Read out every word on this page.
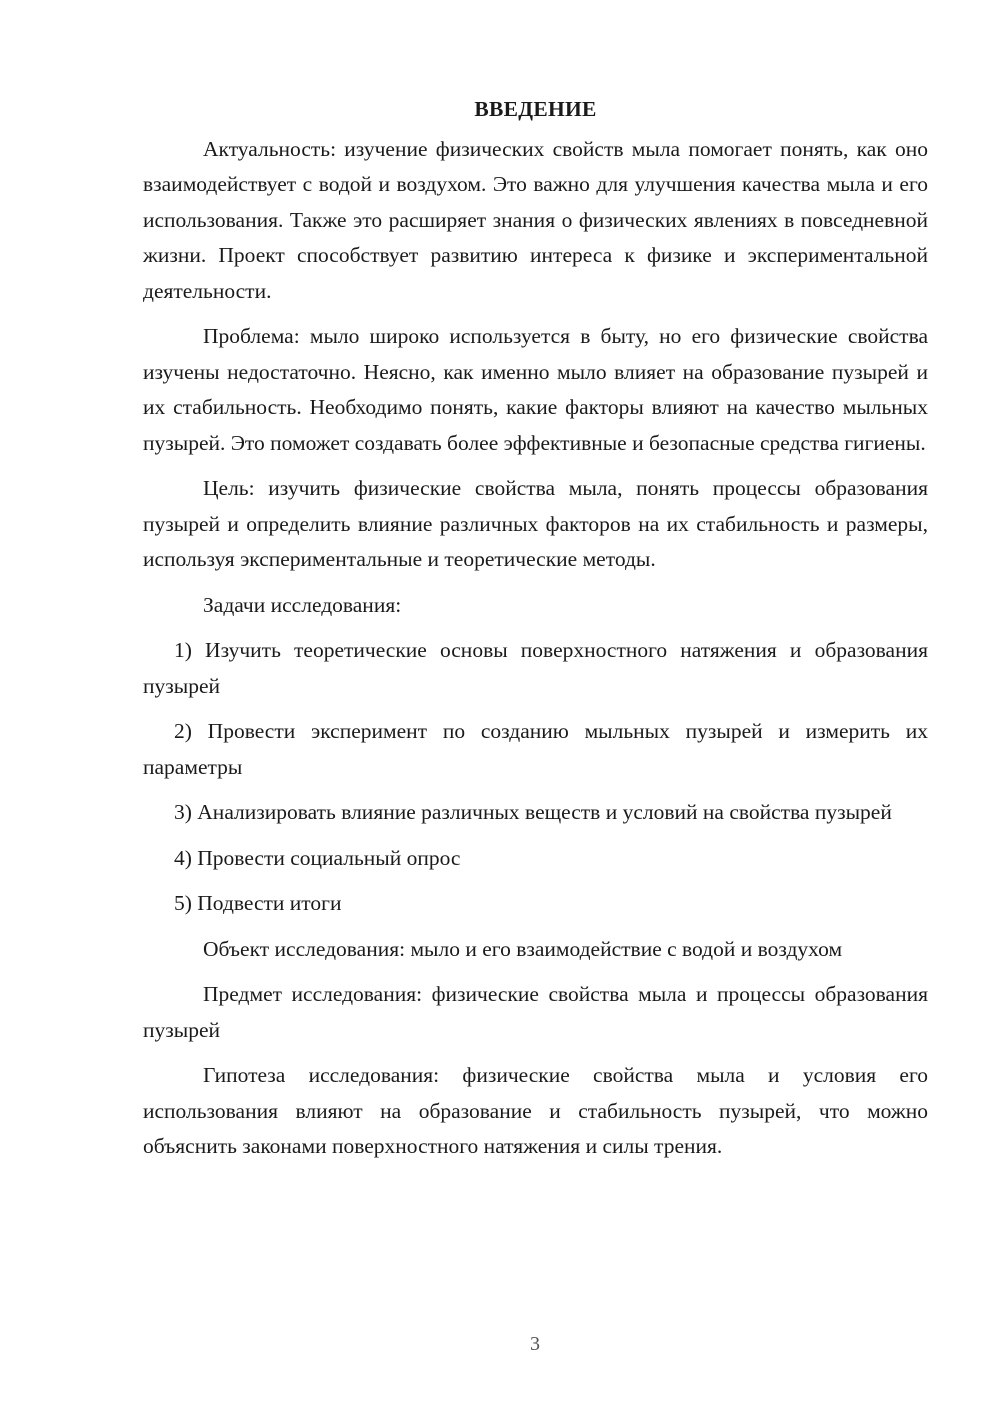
ВВЕДЕНИЕ

Актуальность: изучение физических свойств мыла помогает понять, как оно взаимодействует с водой и воздухом. Это важно для улучшения качества мыла и его использования. Также это расширяет знания о физических явлениях в повседневной жизни. Проект способствует развитию интереса к физике и экспериментальной деятельности.

Проблема: мыло широко используется в быту, но его физические свойства изучены недостаточно. Неясно, как именно мыло влияет на образование пузырей и их стабильность. Необходимо понять, какие факторы влияют на качество мыльных пузырей. Это поможет создавать более эффективные и безопасные средства гигиены.

Цель: изучить физические свойства мыла, понять процессы образования пузырей и определить влияние различных факторов на их стабильность и размеры, используя экспериментальные и теоретические методы.

Задачи исследования:

1) Изучить теоретические основы поверхностного натяжения и образования пузырей

2) Провести эксперимент по созданию мыльных пузырей и измерить их параметры

3) Анализировать влияние различных веществ и условий на свойства пузырей

4) Провести социальный опрос

5) Подвести итоги

Объект исследования: мыло и его взаимодействие с водой и воздухом

Предмет исследования: физические свойства мыла и процессы образования пузырей

Гипотеза исследования: физические свойства мыла и условия его использования влияют на образование и стабильность пузырей, что можно объяснить законами поверхностного натяжения и силы трения.

3
